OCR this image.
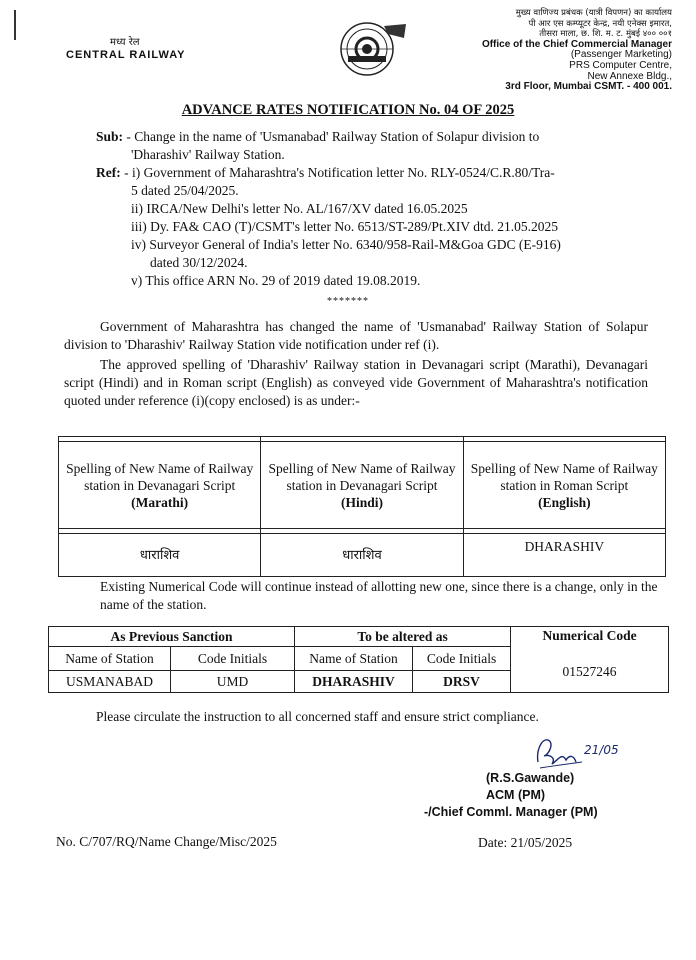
मध्य रेल
CENTRAL RAILWAY
मुख्य वाणिज्य प्रबंधक (यात्री विपणन) का कार्यालय
पी आर एस कम्प्यूटर केन्द्र, नयी एनेक्स इमारत,
तीसरा माला, छ. शि. म. ट. मुंबई ४०० ००१
Office of the Chief Commercial Manager
(Passenger Marketing)
PRS Computer Centre,
New Annexe Bldg.,
3rd Floor, Mumbai CSMT. - 400 001.
ADVANCE RATES NOTIFICATION No. 04 OF 2025
Sub: - Change in the name of 'Usmanabad' Railway Station of Solapur division to
'Dharashiv' Railway Station.
Ref: - i) Government of Maharashtra's Notification letter No. RLY-0524/C.R.80/Tra-
5 dated 25/04/2025.
ii) IRCA/New Delhi's letter No. AL/167/XV dated 16.05.2025
iii) Dy. FA& CAO (T)/CSMT's letter No. 6513/ST-289/Pt.XIV dtd. 21.05.2025
iv) Surveyor General of India's letter No. 6340/958-Rail-M&Goa GDC (E-916)
dated 30/12/2024.
v) This office ARN No. 29 of 2019 dated 19.08.2019.
*******
Government of Maharashtra has changed the name of 'Usmanabad' Railway Station of Solapur division to 'Dharashiv' Railway Station vide notification under ref (i).
The approved spelling of 'Dharashiv' Railway station in Devanagari script (Marathi), Devanagari script (Hindi) and in Roman script (English) as conveyed vide Government of Maharashtra's notification quoted under reference (i)(copy enclosed) is as under:-

Spelling of New Name of Railway station in Devanagari Script
(Marathi)	Spelling of New Name of Railway station in Devanagari Script
(Hindi)	Spelling of New Name of Railway station in Roman Script
(English)

धाराशिव	धाराशिव	DHARASHIV
Existing Numerical Code will continue instead of allotting new one, since there is a change, only in the name of the station.
As Previous Sanction		To be altered as		Numerical Code
01527246

Name of Station	Code Initials	Name of Station	Code Initials	
USMANABAD	UMD	DHARASHIV	DRSV	
Please circulate the instruction to all concerned staff and ensure strict compliance.
21/05
(R.S.Gawande)
ACM (PM)
-/Chief Comml. Manager (PM)
No. C/707/RQ/Name Change/Misc/2025	Date: 21/05/2025
